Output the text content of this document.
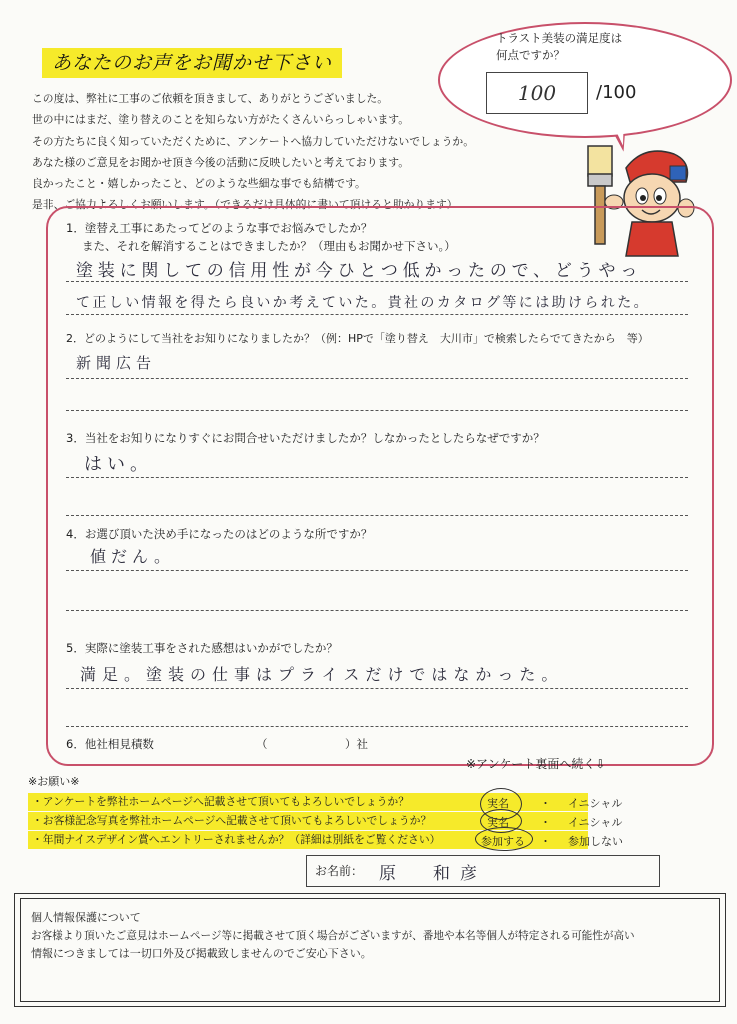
あなたのお声をお聞かせ下さい
この度は、弊社に工事のご依頼を頂きまして、ありがとうございました。
世の中にはまだ、塗り替えのことを知らない方がたくさんいらっしゃいます。
その方たちに良く知っていただくために、アンケートへ協力していただけないでしょうか。
あなた様のご意見をお聞かせ頂き今後の活動に反映したいと考えております。
良かったこと・嬉しかったこと、どのような些細な事でも結構です。
是非、ご協力よろしくお願いします。（できるだけ具体的に書いて頂けると助かります）
トラスト美装の満足度は
何点ですか？
100	/100
1．塗替え工事にあたってどのような事でお悩みでしたか？
また、それを解消することはできましたか？（理由もお聞かせ下さい。）
塗装に関しての信用性が今ひとつ低かったので、どうやっ
て正しい情報を得たら良いか考えていた。貴社のカタログ等には助けられた。
2．どのようにして当社をお知りになりましたか？（例：HPで「塗り替え　大川市」で検索したらでてきたから　等）
新聞広告
3．当社をお知りになりすぐにお問合せいただけましたか？しなかったとしたらなぜですか？
はい。
4．お選び頂いた決め手になったのはどのような所ですか？
値だん。
5．実際に塗装工事をされた感想はいかがでしたか？
満足。塗装の仕事はプライスだけではなかった。
6．他社相見積数	（	）社
※アンケート裏面へ続く⇩
※お願い※
・アンケートを弊社ホームページへ記載させて頂いてもよろしいでしょうか？	実名	・ イニシャル
・お客様記念写真を弊社ホームページへ記載させて頂いてもよろしいでしょうか？	実名	・ イニシャル
・年間ナイスデザイン賞へエントリーされませんか？（詳細は別紙をご覧ください）	参加する ・ 参加しない
お名前： 原　和彦
個人情報保護について
お客様より頂いたご意見はホームページ等に掲載させて頂く場合がございますが、番地や本名等個人が特定される可能性が高い
情報につきましては一切口外及び掲載致しませんのでご安心下さい。
